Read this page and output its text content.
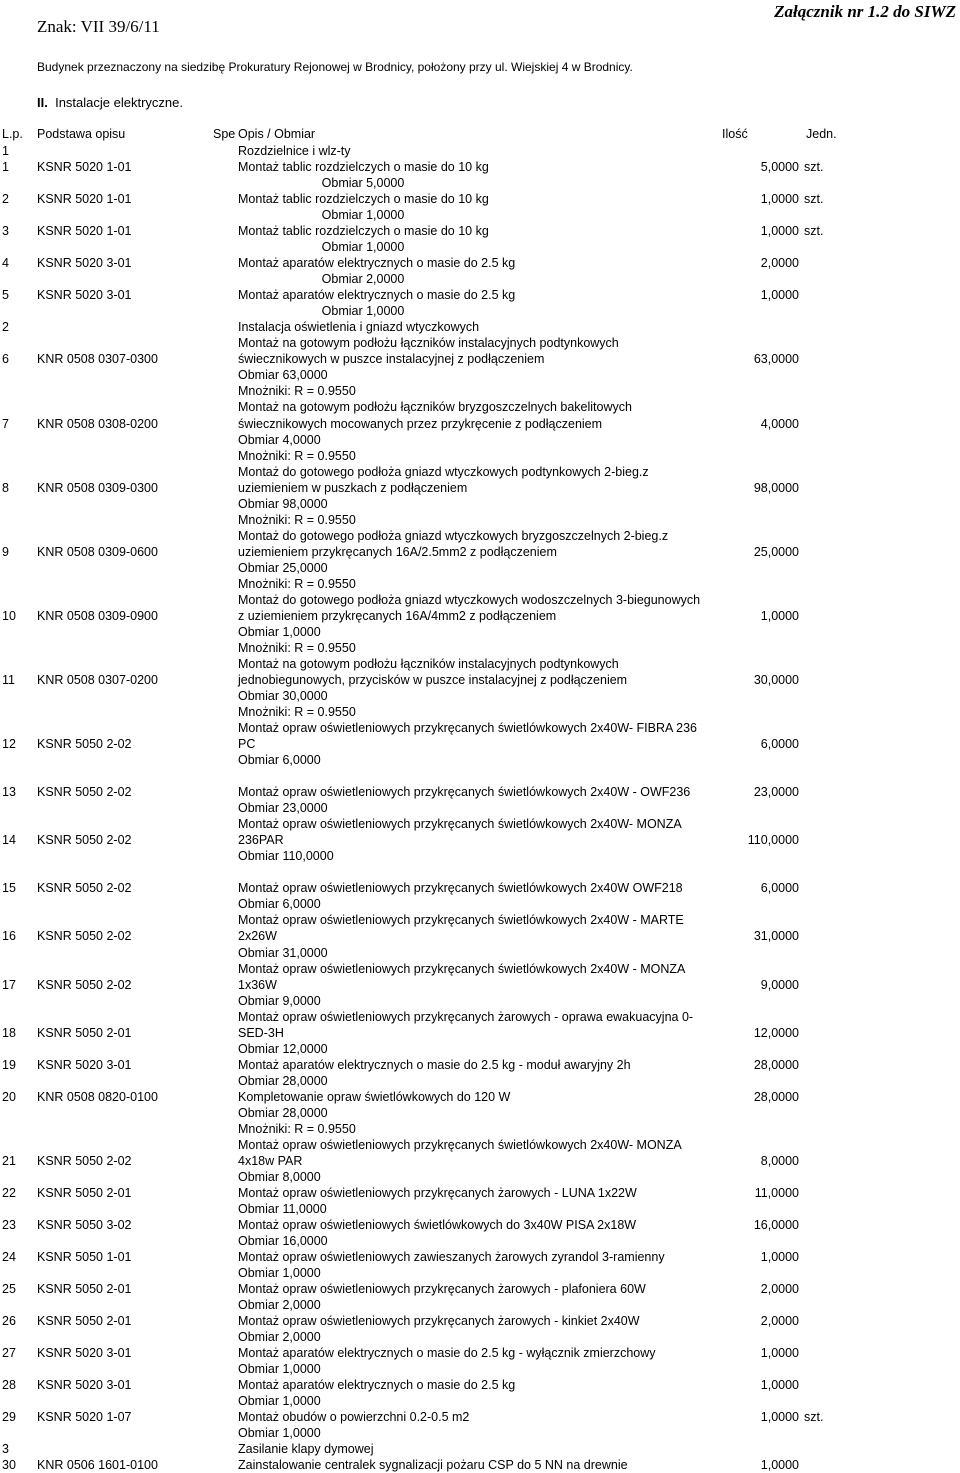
Znak: VII 39/6/11
Załącznik nr 1.2 do SIWZ
Budynek przeznaczony na siedzibę Prokuratury Rejonowej w Brodnicy, położony przy ul. Wiejskiej 4 w Brodnicy.
II. Instalacje elektryczne.
L.p. Podstawa opisu	Spe Opis / Obmiar	Ilość	Jedn.
1	Rozdzielnice i wlz-ty
1 KSNR 5020 1-01	Montaż tablic rozdzielczych o masie do 10 kg	5,0000 szt.
Obmiar 5,0000
2 KSNR 5020 1-01	Montaż tablic rozdzielczych o masie do 10 kg	1,0000 szt.
Obmiar 1,0000
3 KSNR 5020 1-01	Montaż tablic rozdzielczych o masie do 10 kg	1,0000 szt.
Obmiar 1,0000
4 KSNR 5020 3-01	Montaż aparatów elektrycznych o masie do 2.5 kg	2,0000
Obmiar 2,0000
5 KSNR 5020 3-01	Montaż aparatów elektrycznych o masie do 2.5 kg	1,0000
Obmiar 1,0000
2	Instalacja oświetlenia i gniazd wtyczkowych
Montaż na gotowym podłożu łączników instalacyjnych podtynkowych
6 KNR 0508 0307-0300	świecznikowych w puszce instalacyjnej z podłączeniem	63,0000
Obmiar 63,0000
Mnożniki: R = 0.9550
Montaż na gotowym podłożu łączników bryzgoszczelnych bakelitowych
7 KNR 0508 0308-0200	świecznikowych mocowanych przez przykręcenie z podłączeniem	4,0000
Obmiar 4,0000
Mnożniki: R = 0.9550
Montaż do gotowego podłoża gniazd wtyczkowych podtynkowych 2-bieg.z
8 KNR 0508 0309-0300	uziemieniem w puszkach z podłączeniem	98,0000
Obmiar 98,0000
Mnożniki: R = 0.9550
Montaż do gotowego podłoża gniazd wtyczkowych bryzgoszczelnych 2-bieg.z
9 KNR 0508 0309-0600	uziemieniem przykręcanych 16A/2.5mm2 z podłączeniem	25,0000
Obmiar 25,0000
Mnożniki: R = 0.9550
Montaż do gotowego podłoża gniazd wtyczkowych wodoszczelnych 3-biegunowych
10 KNR 0508 0309-0900	z uziemieniem przykręcanych 16A/4mm2 z podłączeniem	1,0000
Obmiar 1,0000
Mnożniki: R = 0.9550
Montaż na gotowym podłożu łączników instalacyjnych podtynkowych
11 KNR 0508 0307-0200	jednobiegunowych, przycisków w puszce instalacyjnej z podłączeniem	30,0000
Obmiar 30,0000
Mnożniki: R = 0.9550
Montaż opraw oświetleniowych przykręcanych świetlówkowych 2x40W- FIBRA 236
12 KSNR 5050 2-02	PC	6,0000
Obmiar 6,0000
13 KSNR 5050 2-02	Montaż opraw oświetleniowych przykręcanych świetlówkowych 2x40W - OWF236	23,0000
Obmiar 23,0000
Montaż opraw oświetleniowych przykręcanych świetlówkowych 2x40W- MONZA
14 KSNR 5050 2-02	236PAR	110,0000
Obmiar 110,0000
15 KSNR 5050 2-02	Montaż opraw oświetleniowych przykręcanych świetlówkowych 2x40W OWF218	6,0000
Obmiar 6,0000
Montaż opraw oświetleniowych przykręcanych świetlówkowych 2x40W - MARTE
16 KSNR 5050 2-02	2x26W	31,0000
Obmiar 31,0000
Montaż opraw oświetleniowych przykręcanych świetlówkowych 2x40W - MONZA
17 KSNR 5050 2-02	1x36W	9,0000
Obmiar 9,0000
Montaż opraw oświetleniowych przykręcanych żarowych - oprawa ewakuacyjna 0-
18 KSNR 5050 2-01	SED-3H	12,0000
Obmiar 12,0000
19 KSNR 5020 3-01	Montaż aparatów elektrycznych o masie do 2.5 kg - moduł awaryjny 2h	28,0000
Obmiar 28,0000
20 KNR 0508 0820-0100	Kompletowanie opraw świetlówkowych do 120 W	28,0000
Obmiar 28,0000
Mnożniki: R = 0.9550
Montaż opraw oświetleniowych przykręcanych świetlówkowych 2x40W- MONZA
21 KSNR 5050 2-02	4x18w PAR	8,0000
Obmiar 8,0000
22 KSNR 5050 2-01	Montaż opraw oświetleniowych przykręcanych żarowych - LUNA 1x22W	11,0000
Obmiar 11,0000
23 KSNR 5050 3-02	Montaż opraw oświetleniowych świetlówkowych do 3x40W PISA 2x18W	16,0000
Obmiar 16,0000
24 KSNR 5050 1-01	Montaż opraw oświetleniowych zawieszanych żarowych zyrandol 3-ramienny	1,0000
Obmiar 1,0000
25 KSNR 5050 2-01	Montaż opraw oświetleniowych przykręcanych żarowych - plafoniera 60W	2,0000
Obmiar 2,0000
26 KSNR 5050 2-01	Montaż opraw oświetleniowych przykręcanych żarowych - kinkiet 2x40W	2,0000
Obmiar 2,0000
27 KSNR 5020 3-01	Montaż aparatów elektrycznych o masie do 2.5 kg - wyłącznik zmierzchowy	1,0000
Obmiar 1,0000
28 KSNR 5020 3-01	Montaż aparatów elektrycznych o masie do 2.5 kg	1,0000
Obmiar 1,0000
29 KSNR 5020 1-07	Montaż obudów o powierzchni 0.2-0.5 m2	1,0000 szt.
Obmiar 1,0000
3	Zasilanie klapy dymowej
30 KNR 0506 1601-0100	Zainstalowanie centralek sygnalizacji pożaru CSP do 5 NN na drewnie	1,0000
